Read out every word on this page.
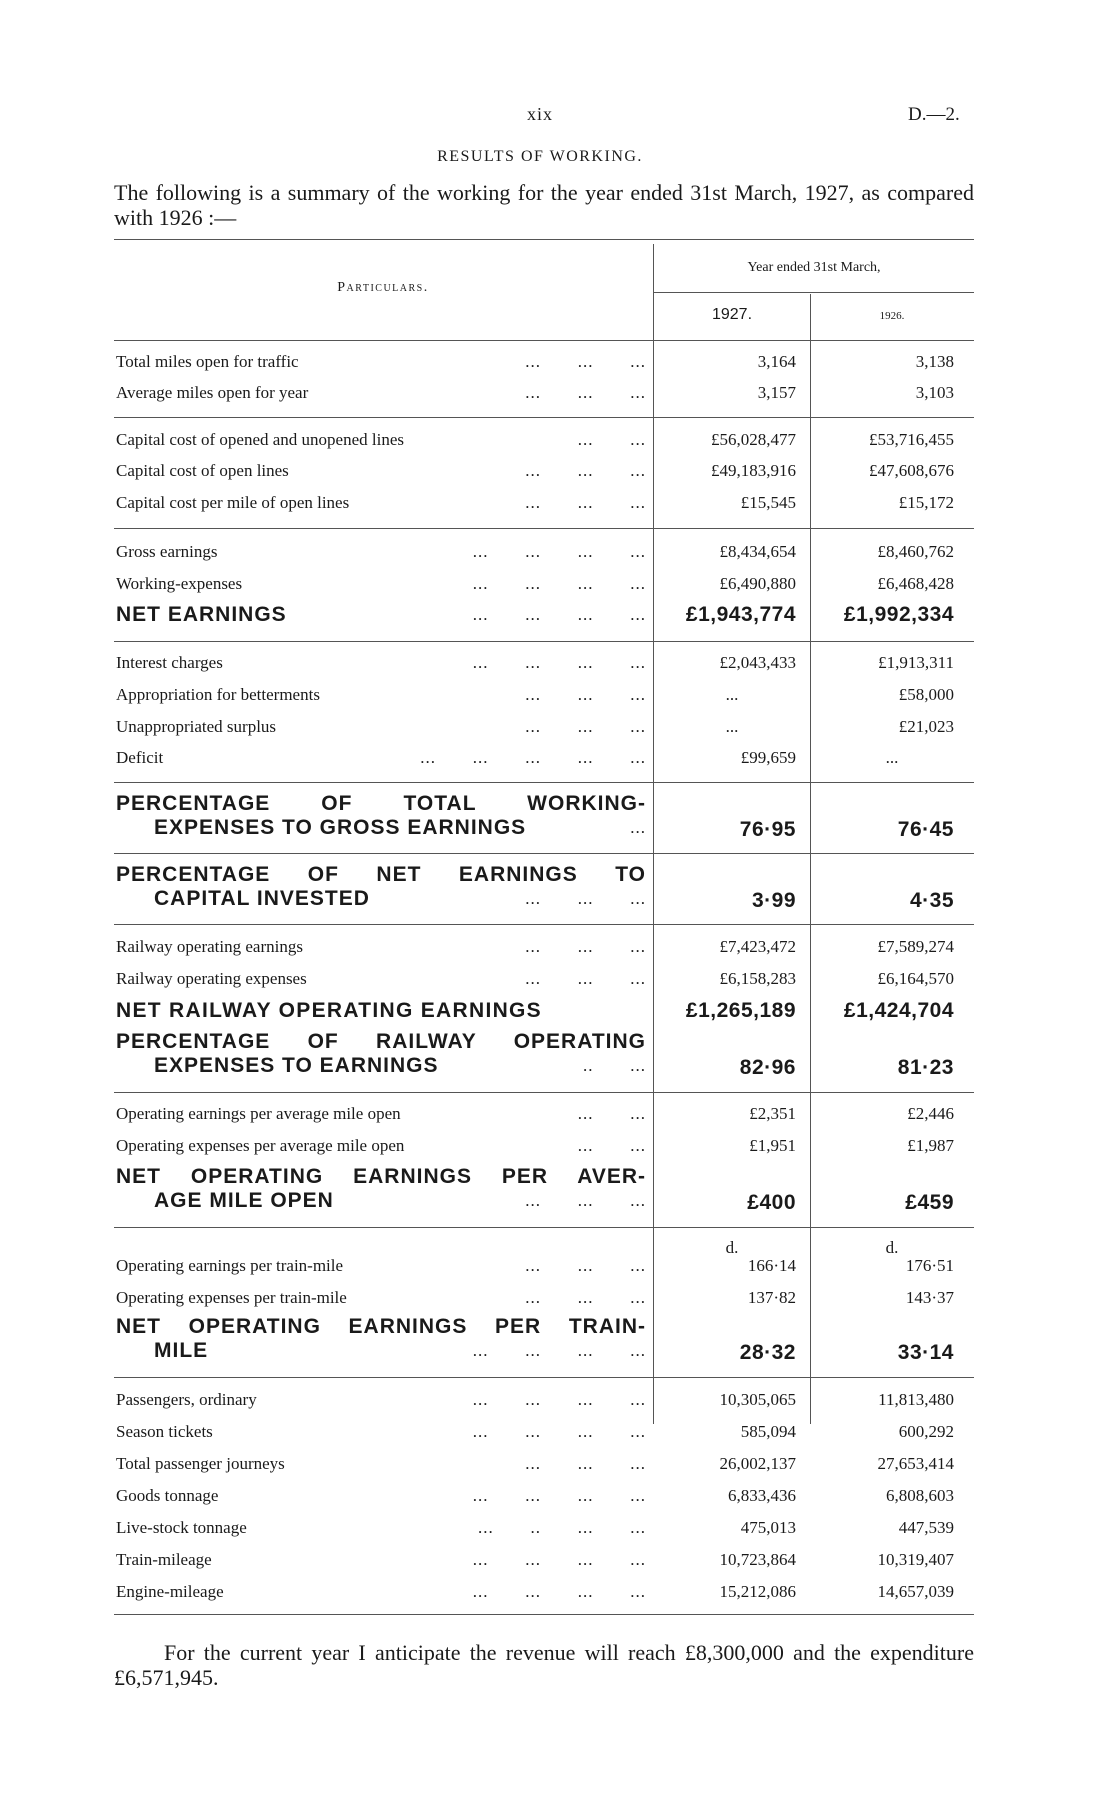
xix	D.—2.
RESULTS OF WORKING.
The following is a summary of the working for the year ended 31st March, 1927, as compared with 1926 :—
Particulars.
Year ended 31st March,
1927.	1926.
Total miles open for traffic	...       ...       ...	3,164	3,138
Average miles open for year	...       ...       ...	3,157	3,103
Capital cost of opened and unopened lines	...       ...	£56,028,477	£53,716,455
Capital cost of open lines	...       ...       ...	£49,183,916	£47,608,676
Capital cost per mile of open lines	...       ...       ...	£15,545	£15,172
Gross earnings	...       ...       ...       ...	£8,434,654	£8,460,762
Working-expenses	...       ...       ...       ...	£6,490,880	£6,468,428
NET EARNINGS	...       ...       ...       ...	£1,943,774	£1,992,334
Interest charges	...       ...       ...       ...	£2,043,433	£1,913,311
Appropriation for betterments	...       ...       ...	...	£58,000
Unappropriated surplus	...       ...       ...	...	£21,023
Deficit	...       ...       ...       ...       ...	£99,659	...
PERCENTAGE OF TOTAL WORKING-
EXPENSES TO GROSS EARNINGS	...	76·95	76·45
PERCENTAGE OF NET EARNINGS TO
CAPITAL INVESTED	...       ...       ...	3·99	4·35
Railway operating earnings	...       ...       ...	£7,423,472	£7,589,274
Railway operating expenses	...       ...       ...	£6,158,283	£6,164,570
NET RAILWAY OPERATING EARNINGS	£1,265,189	£1,424,704
PERCENTAGE OF RAILWAY OPERATING
EXPENSES TO EARNINGS	..       ...	82·96	81·23
Operating earnings per average mile open	...       ...	£2,351	£2,446
Operating expenses per average mile open	...       ...	£1,951	£1,987
NET OPERATING EARNINGS PER AVER-
AGE MILE OPEN	...       ...       ...	£400	£459
d.	d.
Operating earnings per train-mile	...       ...       ...	166·14	176·51
Operating expenses per train-mile	...       ...       ...	137·82	143·37
NET OPERATING EARNINGS PER TRAIN-
MILE	...       ...       ...       ...	28·32	33·14
Passengers, ordinary	...       ...       ...       ...	10,305,065	11,813,480
Season tickets	...       ...       ...       ...	585,094	600,292
Total passenger journeys	...       ...       ...	26,002,137	27,653,414
Goods tonnage	...       ...       ...       ...	6,833,436	6,808,603
Live-stock tonnage	...       ..       ...       ...	475,013	447,539
Train-mileage	...       ...       ...       ...	10,723,864	10,319,407
Engine-mileage	...       ...       ...       ...	15,212,086	14,657,039
For the current year I anticipate the revenue will reach £8,300,000 and the expenditure £6,571,945.
